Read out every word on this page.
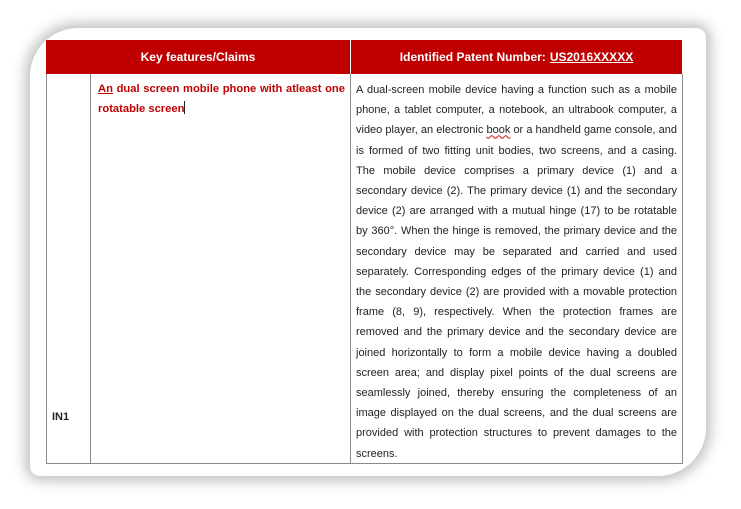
Key features/Claims	Identified Patent Number: US2016XXXXX
IN1
An dual screen mobile phone with atleast one rotatable screen
A dual-screen mobile device having a function such as a mobile phone, a tablet computer, a notebook, an ultrabook computer, a video player, an electronic book or a handheld game console, and is formed of two fitting unit bodies, two screens, and a casing. The mobile device comprises a primary device (1) and a secondary device (2). The primary device (1) and the secondary device (2) are arranged with a mutual hinge (17) to be rotatable by 360°. When the hinge is removed, the primary device and the secondary device may be separated and carried and used separately. Corresponding edges of the primary device (1) and the secondary device (2) are provided with a movable protection frame (8, 9), respectively. When the protection frames are removed and the primary device and the secondary device are joined horizontally to form a mobile device having a doubled screen area; and display pixel points of the dual screens are seamlessly joined, thereby ensuring the completeness of an image displayed on the dual screens, and the dual screens are provided with protection structures to prevent damages to the screens.
